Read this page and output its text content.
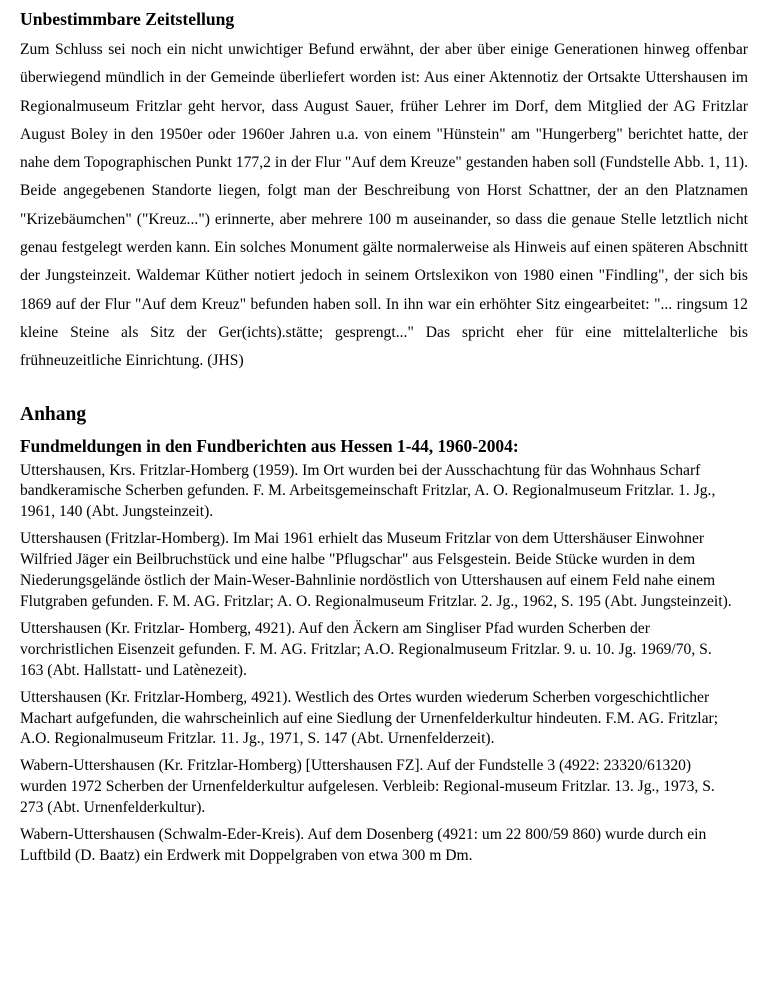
Unbestimmbare Zeitstellung

Zum Schluss sei noch ein nicht unwichtiger Befund erwähnt, der aber über einige Generationen hinweg offenbar überwiegend mündlich in der Gemeinde überliefert worden ist: Aus einer Aktennotiz der Ortsakte Uttershausen im Regionalmuseum Fritzlar geht hervor, dass August Sauer, früher Lehrer im Dorf, dem Mitglied der AG Fritzlar August Boley in den 1950er oder 1960er Jahren u.a. von einem "Hünstein" am "Hungerberg" berichtet hatte, der nahe dem Topographischen Punkt 177,2 in der Flur "Auf dem Kreuze" gestanden haben soll (Fundstelle Abb. 1, 11). Beide angegebenen Standorte liegen, folgt man der Beschreibung von Horst Schattner, der an den Platznamen "Krizebäumchen" ("Kreuz...") erinnerte, aber mehrere 100 m auseinander, so dass die genaue Stelle letztlich nicht genau festgelegt werden kann. Ein solches Monument gälte normalerweise als Hinweis auf einen späteren Abschnitt der Jungsteinzeit. Waldemar Küther notiert jedoch in seinem Ortslexikon von 1980 einen "Findling", der sich bis 1869 auf der Flur "Auf dem Kreuz" befunden haben soll. In ihn war ein erhöhter Sitz eingearbeitet: "... ringsum 12 kleine Steine als Sitz der Ger(ichts).stätte; gesprengt..." Das spricht eher für eine mittelalterliche bis frühneuzeitliche Einrichtung. (JHS)

Anhang
Fundmeldungen in den Fundberichten aus Hessen 1-44, 1960-2004:

Uttershausen, Krs. Fritzlar-Homberg (1959). Im Ort wurden bei der Ausschachtung für das Wohnhaus Scharf bandkeramische Scherben gefunden. F. M. Arbeitsgemeinschaft Fritzlar, A. O. Regionalmuseum Fritzlar. 1. Jg., 1961, 140 (Abt. Jungsteinzeit).

Uttershausen (Fritzlar-Homberg). Im Mai 1961 erhielt das Museum Fritzlar von dem Uttershäuser Einwohner Wilfried Jäger ein Beilbruchstück und eine halbe "Pflugschar" aus Felsgestein. Beide Stücke wurden in dem Niederungsgelände östlich der Main-Weser-Bahnlinie nordöstlich von Uttershausen auf einem Feld nahe einem Flutgraben gefunden. F. M. AG. Fritzlar; A. O. Regionalmuseum Fritzlar. 2. Jg., 1962, S. 195 (Abt. Jungsteinzeit).

Uttershausen (Kr. Fritzlar- Homberg, 4921). Auf den Äckern am Singliser Pfad wurden Scherben der vorchristlichen Eisenzeit gefunden. F. M. AG. Fritzlar; A.O. Regionalmuseum Fritzlar. 9. u. 10. Jg. 1969/70, S. 163 (Abt. Hallstatt- und Latènezeit).

Uttershausen (Kr. Fritzlar-Homberg, 4921). Westlich des Ortes wurden wiederum Scherben vorgeschichtlicher Machart aufgefunden, die wahrscheinlich auf eine Siedlung der Urnenfelderkultur hindeuten. F.M. AG. Fritzlar; A.O. Regionalmuseum Fritzlar. 11. Jg., 1971, S. 147 (Abt. Urnenfelderzeit).

Wabern-Uttershausen (Kr. Fritzlar-Homberg) [Uttershausen FZ]. Auf der Fundstelle 3 (4922: 23320/61320) wurden 1972 Scherben der Urnenfelderkultur aufgelesen. Verbleib: Regional-museum Fritzlar. 13. Jg., 1973, S. 273 (Abt. Urnenfelderkultur).

Wabern-Uttershausen (Schwalm-Eder-Kreis). Auf dem Dosenberg (4921: um 22 800/59 860) wurde durch ein Luftbild (D. Baatz) ein Erdwerk mit Doppelgraben von etwa 300 m Dm.
